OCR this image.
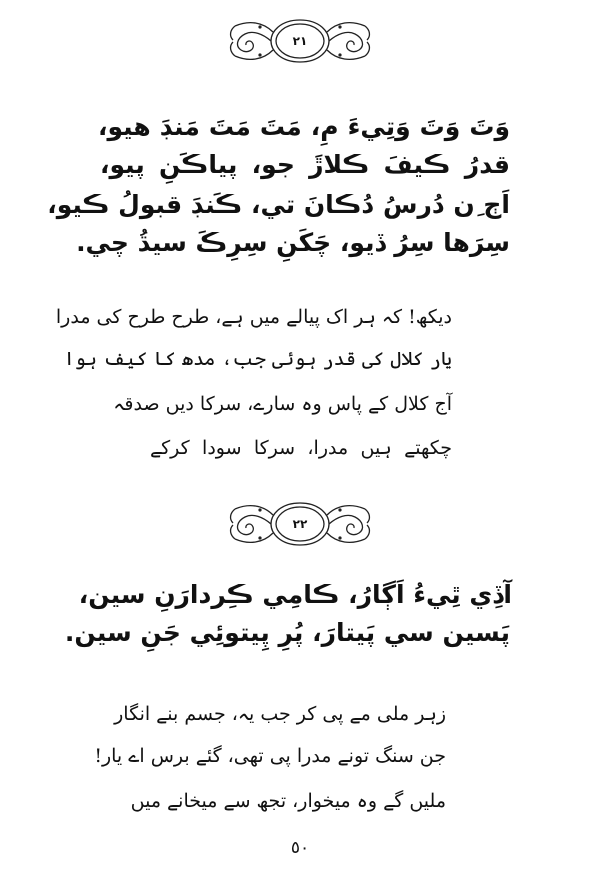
٢١
وَتَ وَتَ وَتِيءَ مِ، مَتَ مَتَ مَنڊَ هيو،
قدرُ ڪيفَ ڪلاڙَ جو، پياڪَنِ پيو،
اَڄ ِن دُرسُ دُڪانَ تي، ڪَنڊَ قبولُ ڪيو،
سِرَها سِرُ ڏيو، چَکَنِ سِرِڪَ سيڌُ چي.
دیکھ! کہ ہر اک پیالے میں ہے، طرح طرح کی مدرا
یار کلال کی قدر ہوئی جب، مدھ کا کیف ہوا
آج کلال کے پاس وہ سارے، سرکا دیں صدقہ
چکھتے ہیں مدرا، سرکا سودا کرکے
٢٢
آڏِي ٿِيءُ اَڳارُ، ڪامِي ڪِردارَنِ سين،
پَسين سي پَيتارَ، پُرِ پِيتوئِي جَنِ سين.
زہر ملی مے پی کر جب یہ، جسم بنے انگار
جن سنگ تونے مدرا پی تھی، گئے برس اے یار!
ملیں گے وہ میخوار، تجھ سے میخانے میں
٥٠
